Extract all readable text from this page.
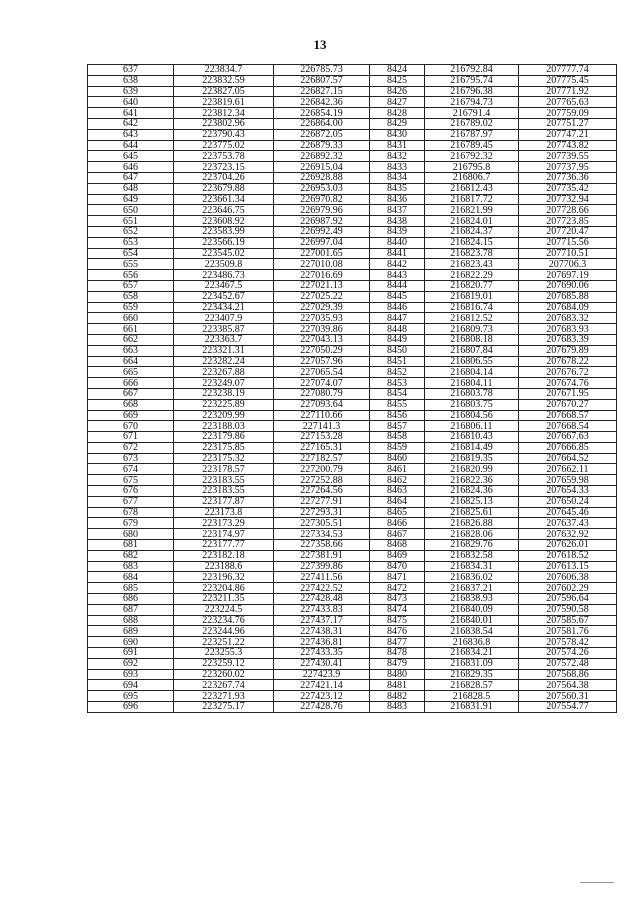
13
637	223834.7	226785.73	8424	216792.84	207777.74
638	223832.59	226807.57	8425	216795.74	207775.45
639	223827.05	226827.15	8426	216796.38	207771.92
640	223819.61	226842.36	8427	216794.73	207765.63
641	223812.34	226854.19	8428	216791.4	207759.09
642	223802.96	226864.00	8429	216789.02	207751.27
643	223790.43	226872.05	8430	216787.97	207747.21
644	223775.02	226879.33	8431	216789.45	207743.82
645	223753.78	226892.32	8432	216792.32	207739.55
646	223723.15	226915.04	8433	216795.8	207737.95
647	223704.26	226928.88	8434	216806.7	207736.36
648	223679.88	226953.03	8435	216812.43	207735.42
649	223661.34	226970.82	8436	216817.72	207732.94
650	223646.75	226979.96	8437	216821.99	207728.66
651	223608.92	226987.92	8438	216824.01	207723.85
652	223583.99	226992.49	8439	216824.37	207720.47
653	223566.19	226997.04	8440	216824.15	207715.56
654	223545.02	227001.65	8441	216823.78	207710.51
655	223509.8	227010.08	8442	216823.43	207706.3
656	223486.73	227016.69	8443	216822.29	207697.19
657	223467.5	227021.13	8444	216820.77	207690.06
658	223452.67	227025.22	8445	216819.01	207685.88
659	223434.21	227029.39	8446	216816.74	207684.09
660	223407.9	227035.93	8447	216812.52	207683.32
661	223385.87	227039.86	8448	216809.73	207683.93
662	223363.7	227043.13	8449	216808.18	207683.39
663	223321.31	227050.29	8450	216807.84	207679.89
664	223282.24	227057.96	8451	216806.55	207678.22
665	223267.88	227065.54	8452	216804.14	207676.72
666	223249.07	227074.07	8453	216804.11	207674.76
667	223238.19	227080.79	8454	216803.78	207671.95
668	223225.89	227093.64	8455	216803.75	207670.27
669	223209.99	227110.66	8456	216804.56	207668.57
670	223188.03	227141.3	8457	216806.11	207668.54
671	223179.86	227153.28	8458	216810.43	207667.63
672	223175.85	227165.31	8459	216814.49	207666.85
673	223175.32	227182.57	8460	216819.35	207664.52
674	223178.57	227200.79	8461	216820.99	207662.11
675	223183.55	227252.88	8462	216822.36	207659.98
676	223183.55	227264.56	8463	216824.36	207654.33
677	223177.87	227277.91	8464	216825.13	207650.24
678	223173.8	227293.31	8465	216825.61	207645.46
679	223173.29	227305.51	8466	216826.88	207637.43
680	223174.97	227334.53	8467	216828.06	207632.92
681	223177.77	227358.66	8468	216829.76	207626.01
682	223182.18	227381.91	8469	216832.58	207618.52
683	223188.6	227399.86	8470	216834.31	207613.15
684	223196.32	227411.56	8471	216836.02	207606.38
685	223204.86	227422.52	8472	216837.21	207602.29
686	223211.35	227428.48	8473	216838.93	207596.64
687	223224.5	227433.83	8474	216840.09	207590.58
688	223234.76	227437.17	8475	216840.01	207585.67
689	223244.96	227438.31	8476	216838.54	207581.76
690	223251.22	227436.81	8477	216836.8	207578.42
691	223255.3	227433.35	8478	216834.21	207574.26
692	223259.12	227430.41	8479	216831.09	207572.48
693	223260.02	227423.9	8480	216829.35	207568.86
694	223267.74	227421.14	8481	216828.57	207564.38
695	223271.93	227423.12	8482	216828.5	207560.31
696	223275.17	227428.76	8483	216831.91	207554.77
